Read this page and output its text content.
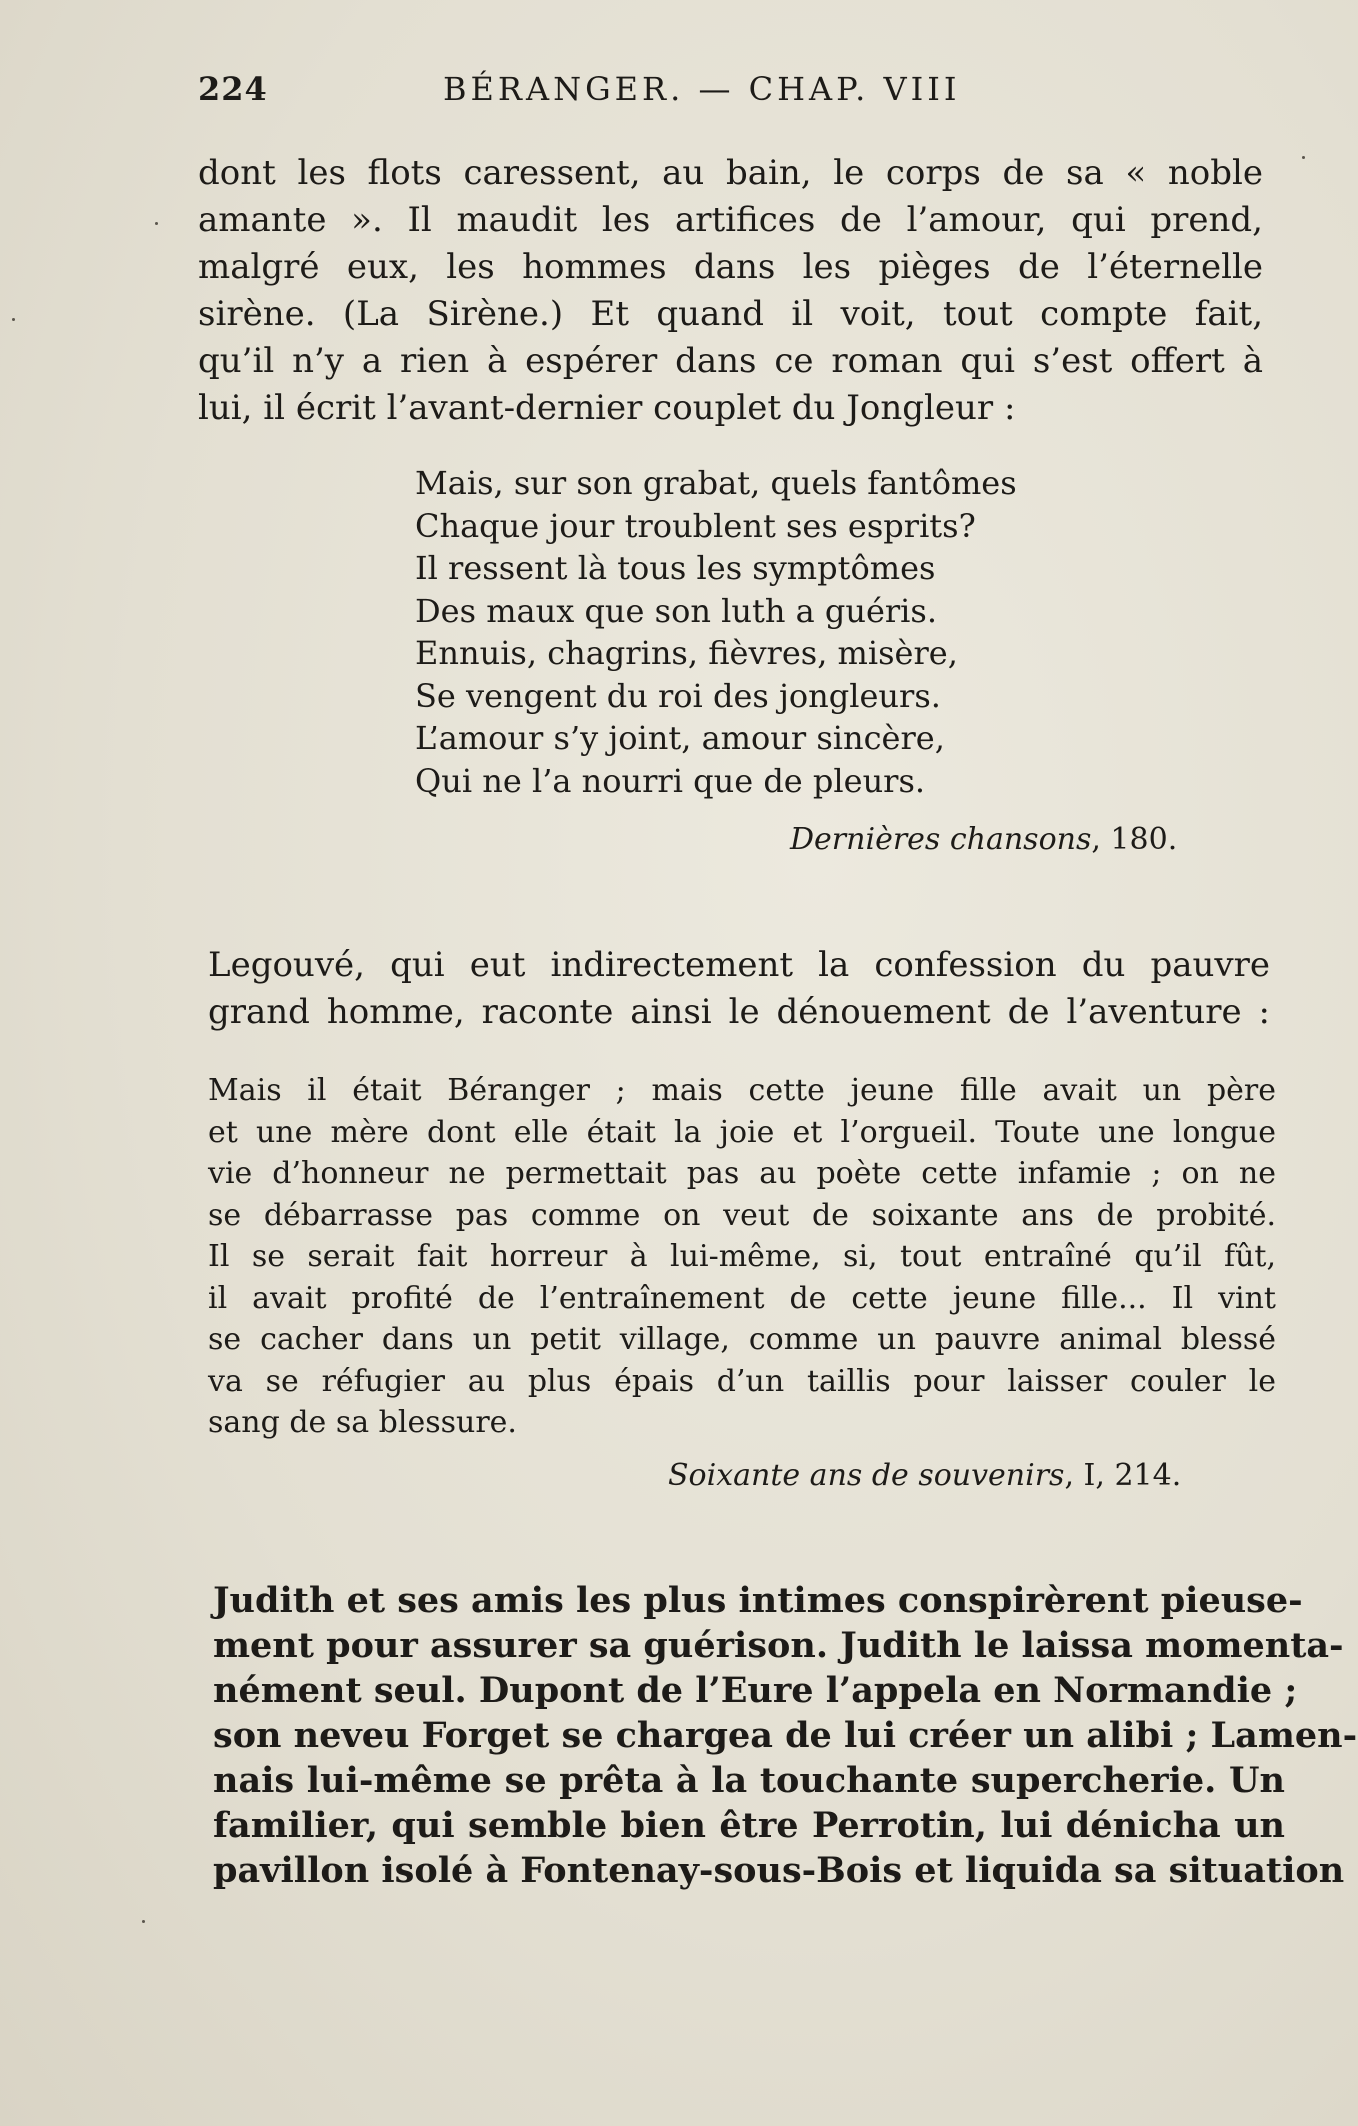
224	BÉRANGER. — CHAP. VIII
dont les flots caressent, au bain, le corps de sa « noble
amante ». Il maudit les artifices de l’amour, qui prend,
malgré eux, les hommes dans les pièges de l’éternelle
sirène. (La Sirène.) Et quand il voit, tout compte fait,
qu’il n’y a rien à espérer dans ce roman qui s’est offert à
lui, il écrit l’avant-dernier couplet du Jongleur :
Mais, sur son grabat, quels fantômes
Chaque jour troublent ses esprits?
Il ressent là tous les symptômes
Des maux que son luth a guéris.
Ennuis, chagrins, fièvres, misère,
Se vengent du roi des jongleurs.
L’amour s’y joint, amour sincère,
Qui ne l’a nourri que de pleurs.
Dernières chansons, 180.
Legouvé, qui eut indirectement la confession du pauvre
grand homme, raconte ainsi le dénouement de l’aventure :
Mais il était Béranger ; mais cette jeune fille avait un père
et une mère dont elle était la joie et l’orgueil. Toute une longue
vie d’honneur ne permettait pas au poète cette infamie ; on ne
se débarrasse pas comme on veut de soixante ans de probité.
Il se serait fait horreur à lui-même, si, tout entraîné qu’il fût,
il avait profité de l’entraînement de cette jeune fille... Il vint
se cacher dans un petit village, comme un pauvre animal blessé
va se réfugier au plus épais d’un taillis pour laisser couler le
sang de sa blessure.
Soixante ans de souvenirs, I, 214.
Judith et ses amis les plus intimes conspirèrent pieuse-
ment pour assurer sa guérison. Judith le laissa momenta-
nément seul. Dupont de l’Eure l’appela en Normandie ;
son neveu Forget se chargea de lui créer un alibi ; Lamen-
nais lui-même se prêta à la touchante supercherie. Un
familier, qui semble bien être Perrotin, lui dénicha un
pavillon isolé à Fontenay-sous-Bois et liquida sa situation
